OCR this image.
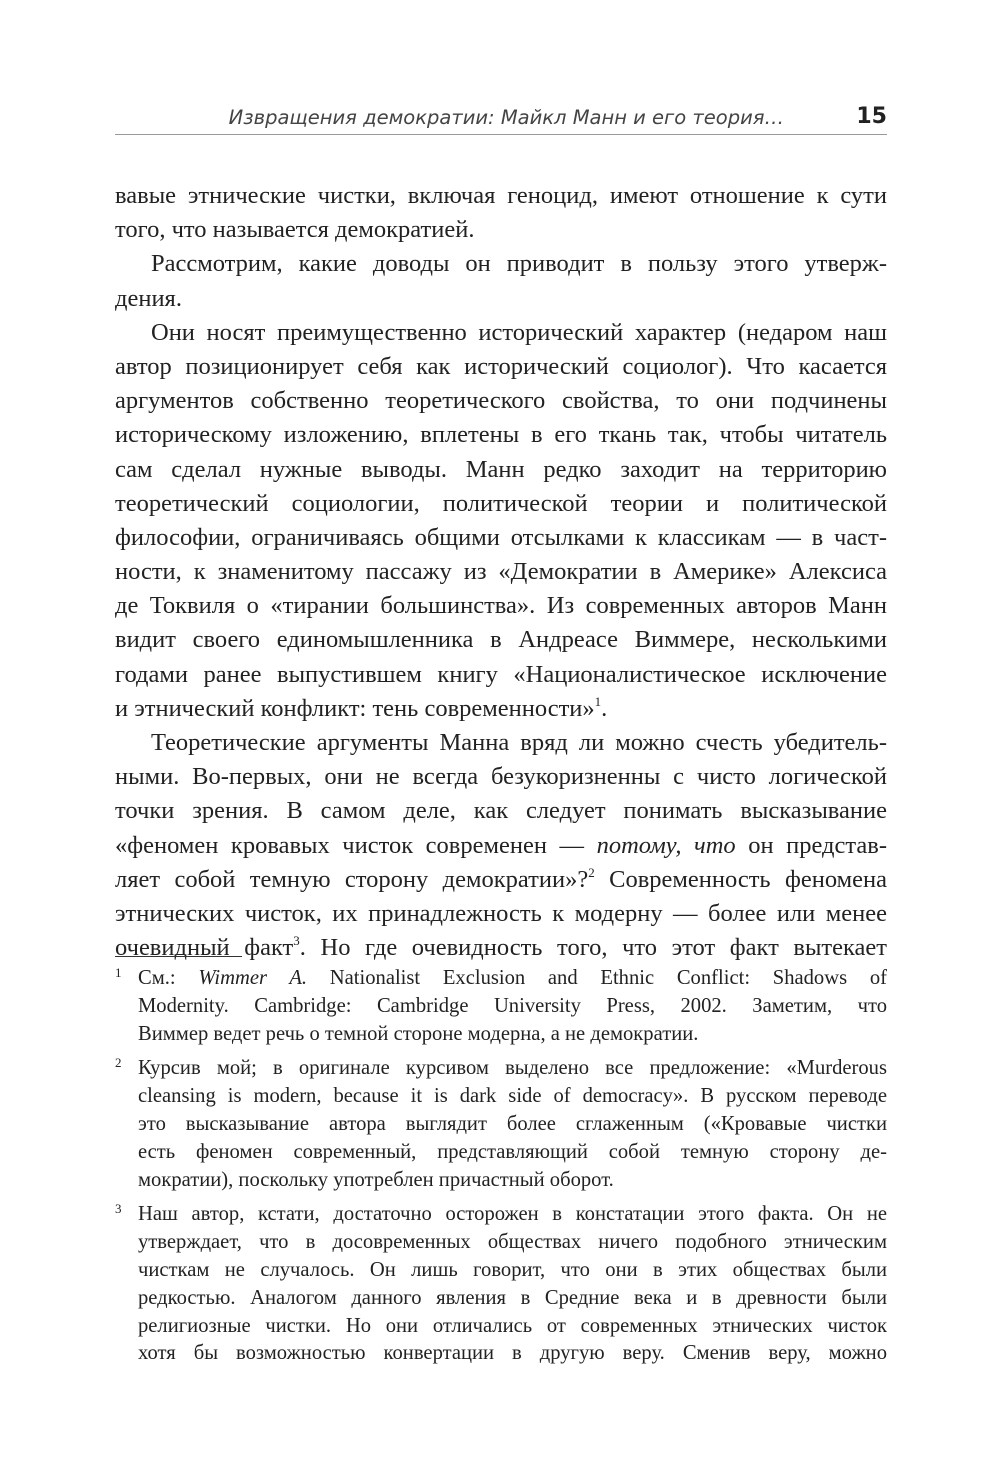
Извращения демократии: Майкл Манн и его теория…	15
вавые этнические чистки, включая геноцид, имеют отношение к сути
того, что называется демократией.
Рассмотрим, какие доводы он приводит в пользу этого утверж-
дения.
Они носят преимущественно исторический характер (недаром наш
автор позиционирует себя как исторический социолог). Что касается
аргументов собственно теоретического свойства, то они подчинены
историческому изложению, вплетены в его ткань так, чтобы читатель
сам сделал нужные выводы. Манн редко заходит на территорию
теоретический социологии, политической теории и политической
философии, ограничиваясь общими отсылками к классикам — в част-
ности, к знаменитому пассажу из «Демократии в Америке» Алексиса
де Токвиля о «тирании большинства». Из современных авторов Манн
видит своего единомышленника в Андреасе Виммере, несколькими
годами ранее выпустившем книгу «Националистическое исключение
и этнический конфликт: тень современности»$^1$.
Теоретические аргументы Манна вряд ли можно счесть убедитель-
ными. Во-первых, они не всегда безукоризненны с чисто логической
точки зрения. В самом деле, как следует понимать высказывание
«феномен кровавых чисток современен — потому, что он представ-
ляет собой темную сторону демократии»?$^2$ Современность феномена
этнических чисток, их принадлежность к модерну — более или менее
очевидный факт$^3$. Но где очевидность того, что этот факт вытекает
1 См.: Wimmer A. Nationalist Exclusion and Ethnic Conflict: Shadows of
Modernity. Cambridge: Cambridge University Press, 2002. Заметим, что
Виммер ведет речь о темной стороне модерна, а не демократии.
2 Курсив мой; в оригинале курсивом выделено все предложение: «Murderous
cleansing is modern, because it is dark side of democracy». В русском переводе
это высказывание автора выглядит более сглаженным («Кровавые чистки
есть феномен современный, представляющий собой темную сторону де-
мократии), поскольку употреблен причастный оборот.
3 Наш автор, кстати, достаточно осторожен в констатации этого факта. Он не
утверждает, что в досовременных обществах ничего подобного этническим
чисткам не случалось. Он лишь говорит, что они в этих обществах были
редкостью. Аналогом данного явления в Средние века и в древности были
религиозные чистки. Но они отличались от современных этнических чисток
хотя бы возможностью конвертации в другую веру. Сменив веру, можно
